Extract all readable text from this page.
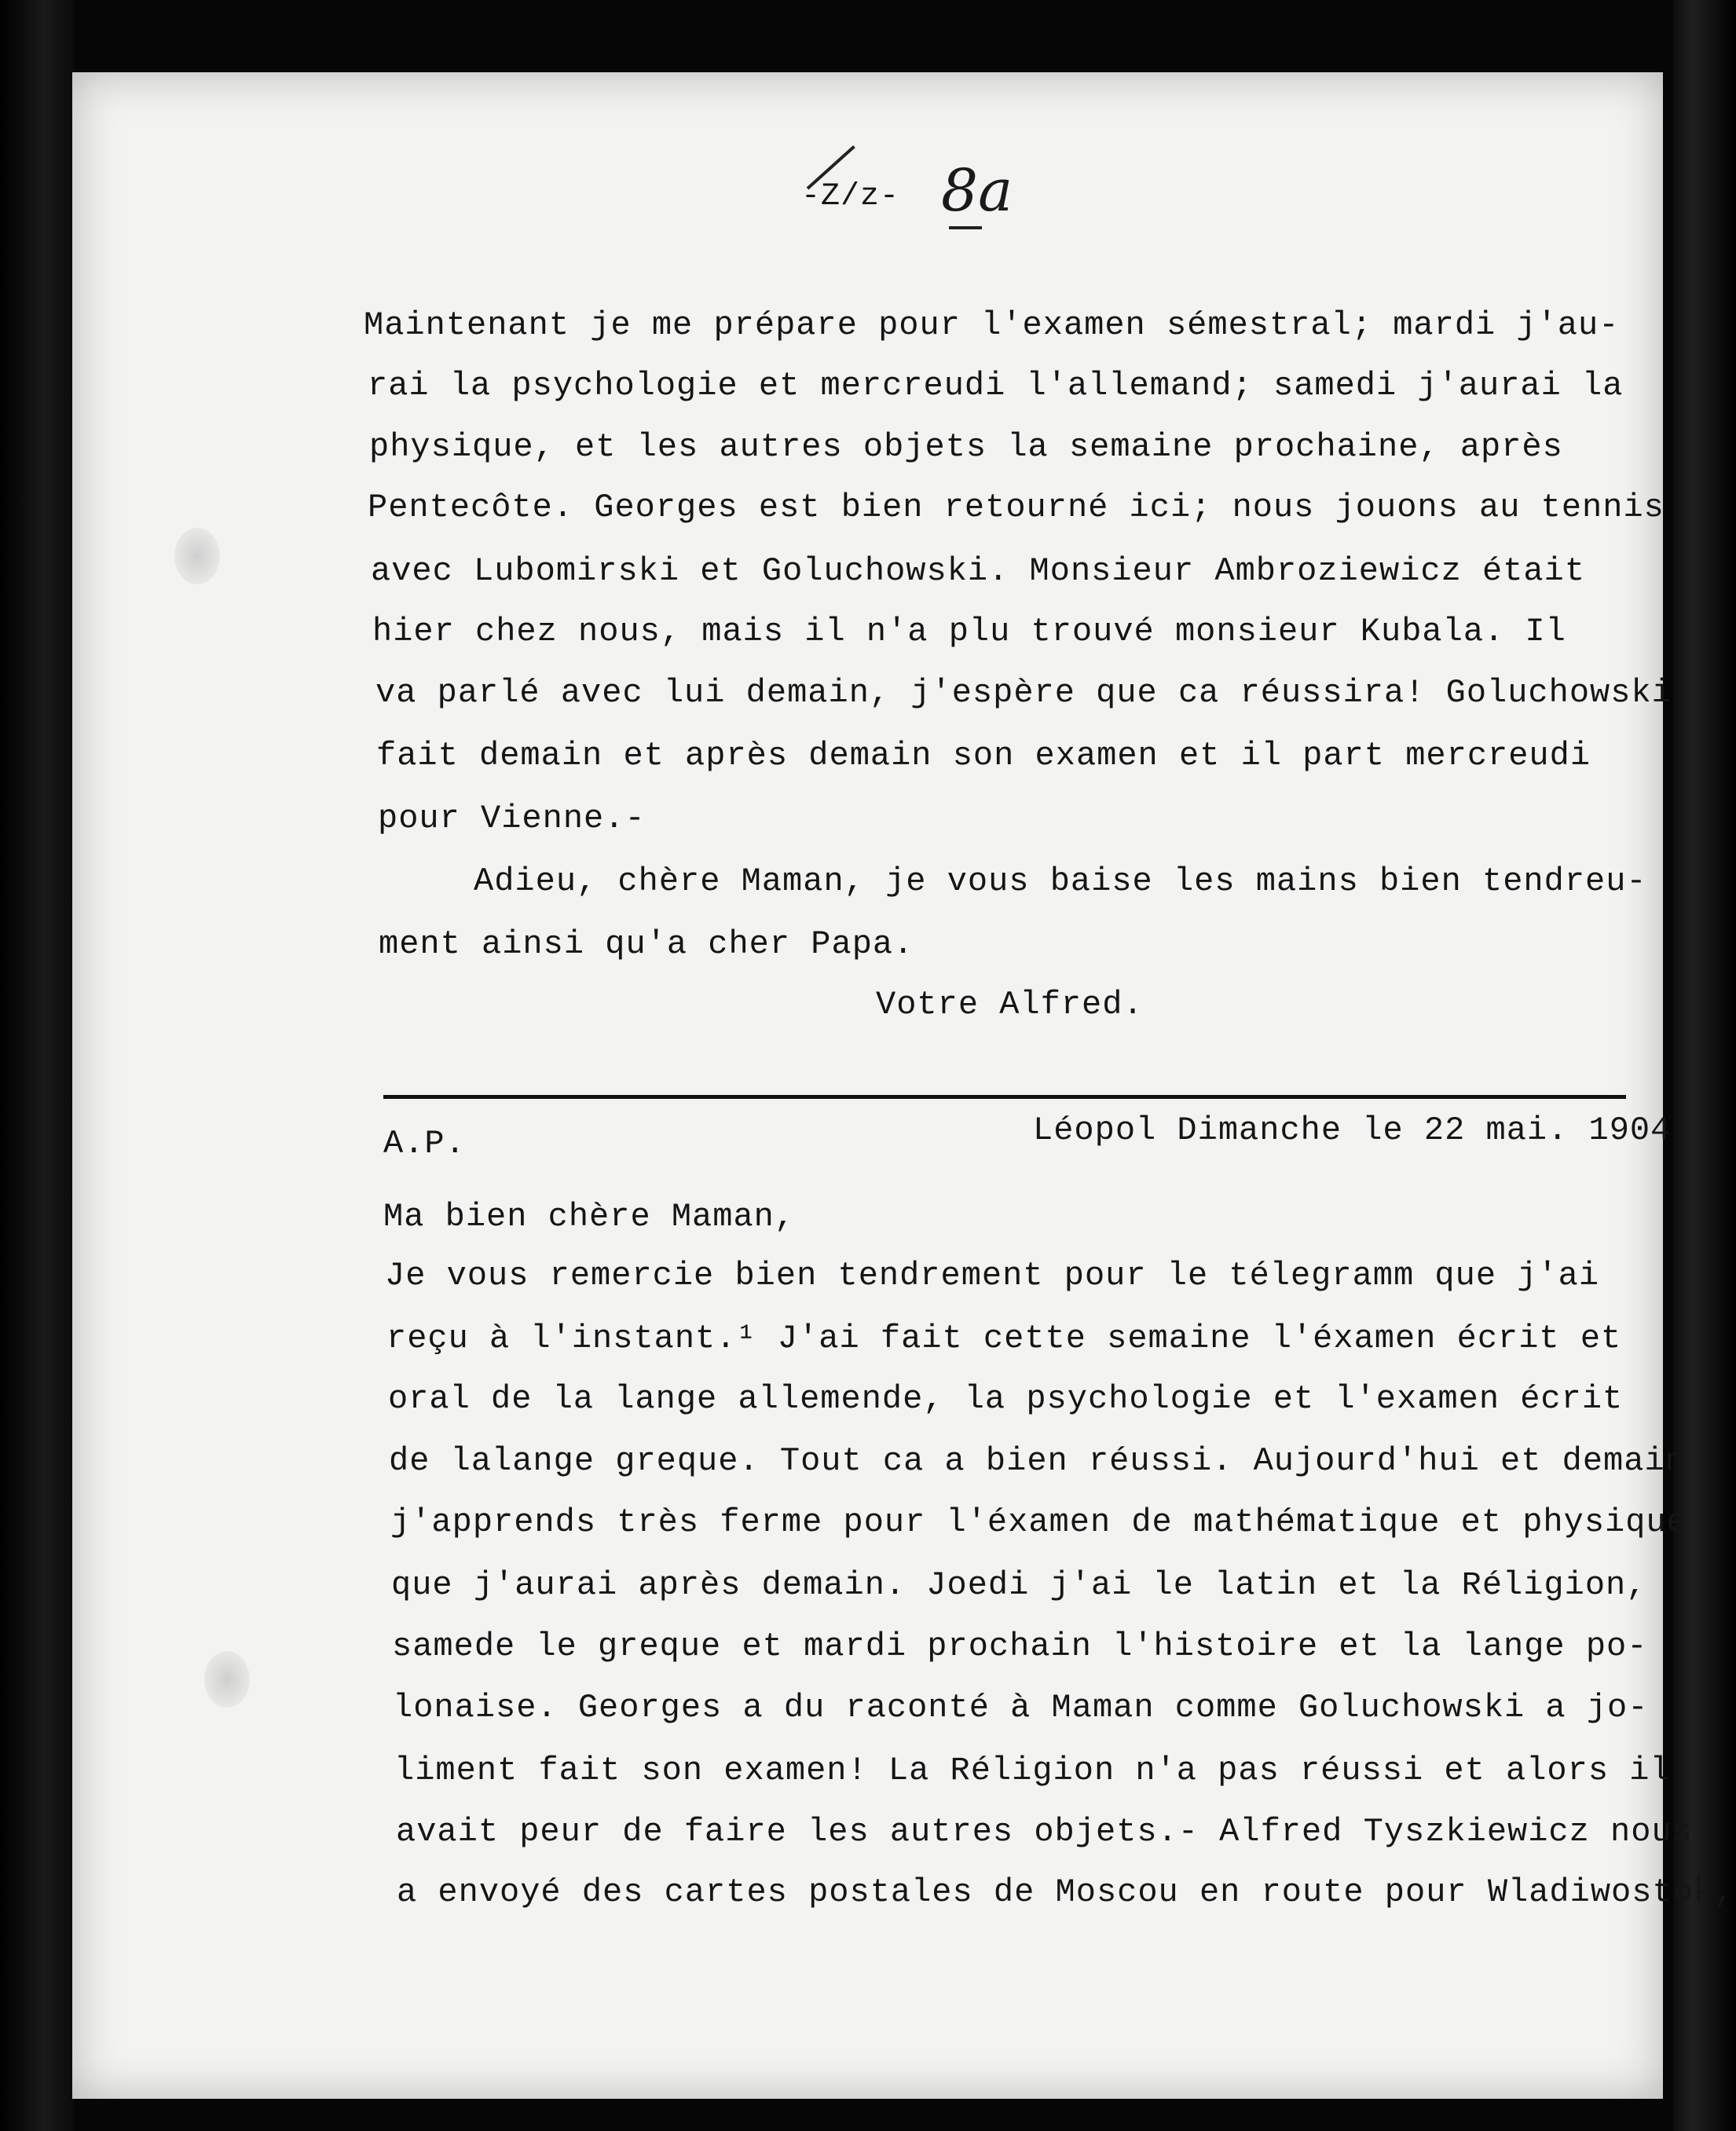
-Z/z- 8a
Maintenant je me prépare pour l'examen sémestral; mardi j'au-
rai la psychologie et mercreudi l'allemand; samedi j'aurai la
physique, et les autres objets la semaine prochaine, après
Pentecôte. Georges est bien retourné ici; nous jouons au tennis
avec Lubomirski et Goluchowski. Monsieur Ambroziewicz était
hier chez nous, mais il n'a plu trouvé monsieur Kubala. Il
va parlé avec lui demain, j'espère que ca réussira! Goluchowski
fait demain et après demain son examen et il part mercreudi
pour Vienne.-
Adieu, chère Maman, je vous baise les mains bien tendreu-
ment ainsi qu'a cher Papa.
Votre Alfred.
A.P.	Léopol Dimanche le 22 mai. 1904.
Ma bien chère Maman,
Je vous remercie bien tendrement pour le télegramm que j'ai
reçu à l'instant.¹ J'ai fait cette semaine l'éxamen écrit et
oral de la lange allemende, la psychologie et l'examen écrit
de lalange greque. Tout ca a bien réussi. Aujourd'hui et demain
j'apprends très ferme pour l'éxamen de mathématique et physique
que j'aurai après demain. Joedi j'ai le latin et la Réligion,
samede le greque et mardi prochain l'histoire et la lange po-
lonaise. Georges a du raconté à Maman comme Goluchowski a jo-
liment fait son examen! La Réligion n'a pas réussi et alors il
avait peur de faire les autres objets.- Alfred Tyszkiewicz nous
a envoyé des cartes postales de Moscou en route pour Wladiwostok,
